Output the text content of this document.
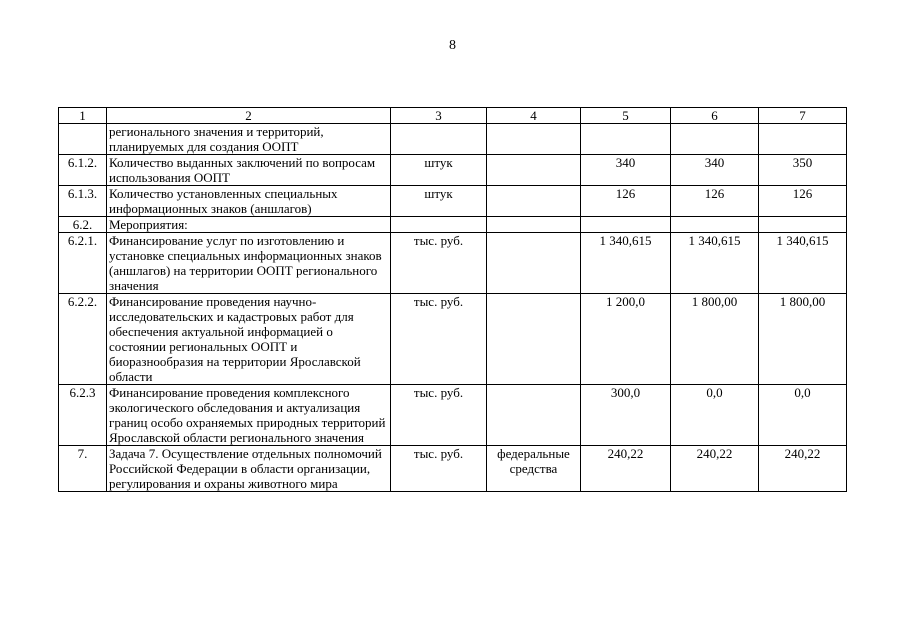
8
1	2	3	4	5	6	7
	регионального значения и территорий, планируемых для создания ООПТ					
6.1.2.	Количество выданных заключений по вопросам использования ООПТ	штук		340	340	350
6.1.3.	Количество установленных специальных информационных знаков (аншлагов)	штук		126	126	126
6.2.	Мероприятия:					
6.2.1.	Финансирование услуг по изготовлению и установке специальных информационных знаков (аншлагов) на территории ООПТ регионального значения	тыс. руб.		1 340,615	1 340,615	1 340,615
6.2.2.	Финансирование проведения научно-исследовательских и кадастровых работ для обеспечения актуальной информацией о состоянии региональных ООПТ и биоразнообразия на территории Ярославской области	тыс. руб.		1 200,0	1 800,00	1 800,00
6.2.3	Финансирование проведения комплексного экологического обследования и актуализация границ особо охраняемых природных территорий Ярославской области регионального значения	тыс. руб.		300,0	0,0	0,0
7.	Задача 7. Осуществление отдельных полномочий Российской Федерации в области организации, регулирования и охраны животного мира	тыс. руб.	федеральные средства	240,22	240,22	240,22
